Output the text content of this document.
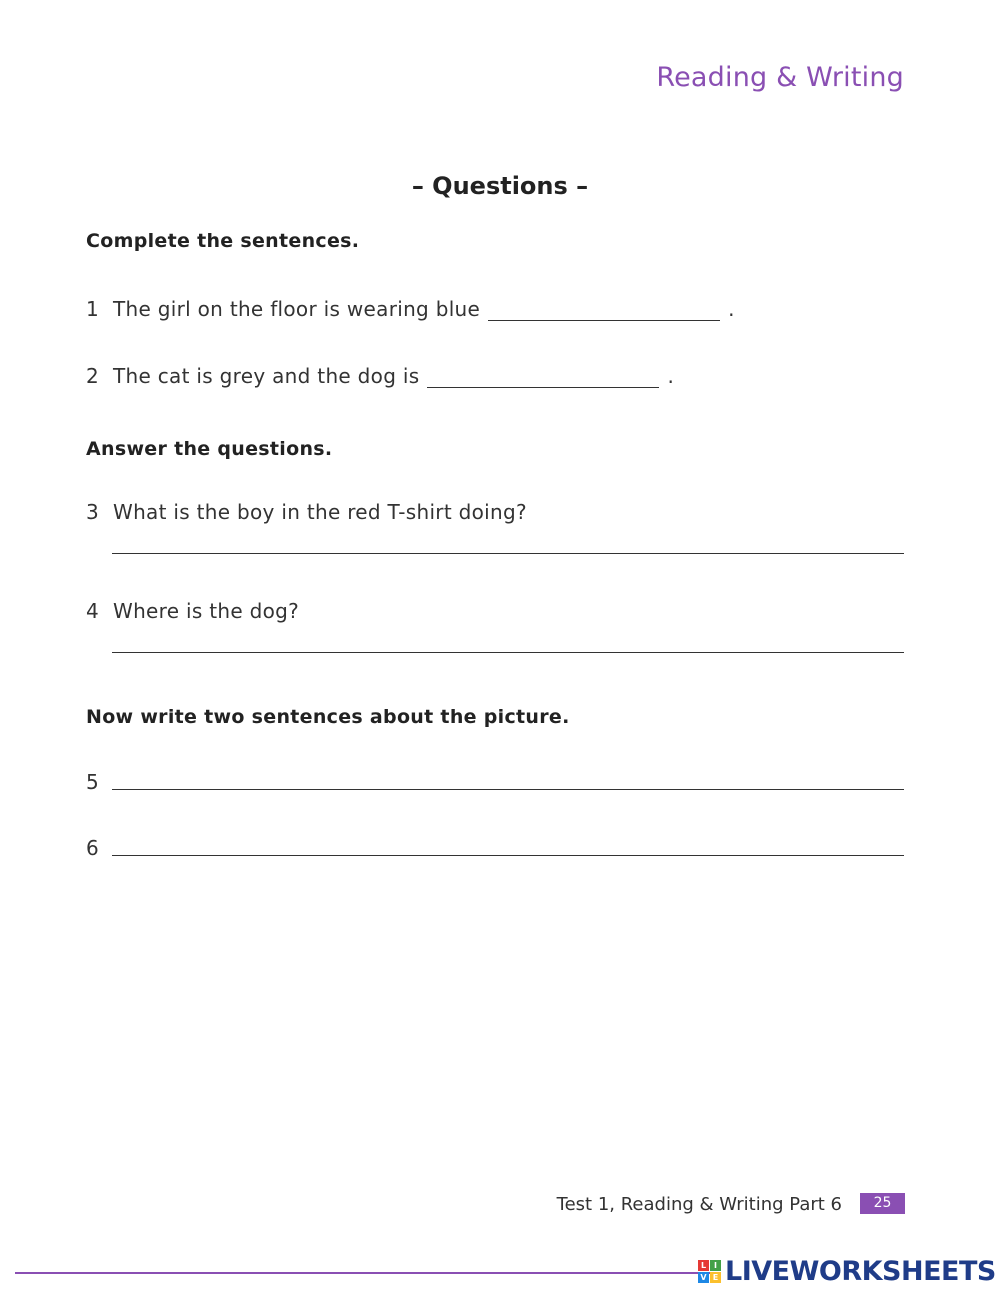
Reading & Writing
– Questions –
Complete the sentences.
1 The girl on the floor is wearing blue	.
2 The cat is grey and the dog is	.
Answer the questions.
3 What is the boy in the red T-shirt doing?
4 Where is the dog?
Now write two sentences about the picture.
5
6
Test 1, Reading & Writing Part 6	25
L I
V E LIVEWORKSHEETS
